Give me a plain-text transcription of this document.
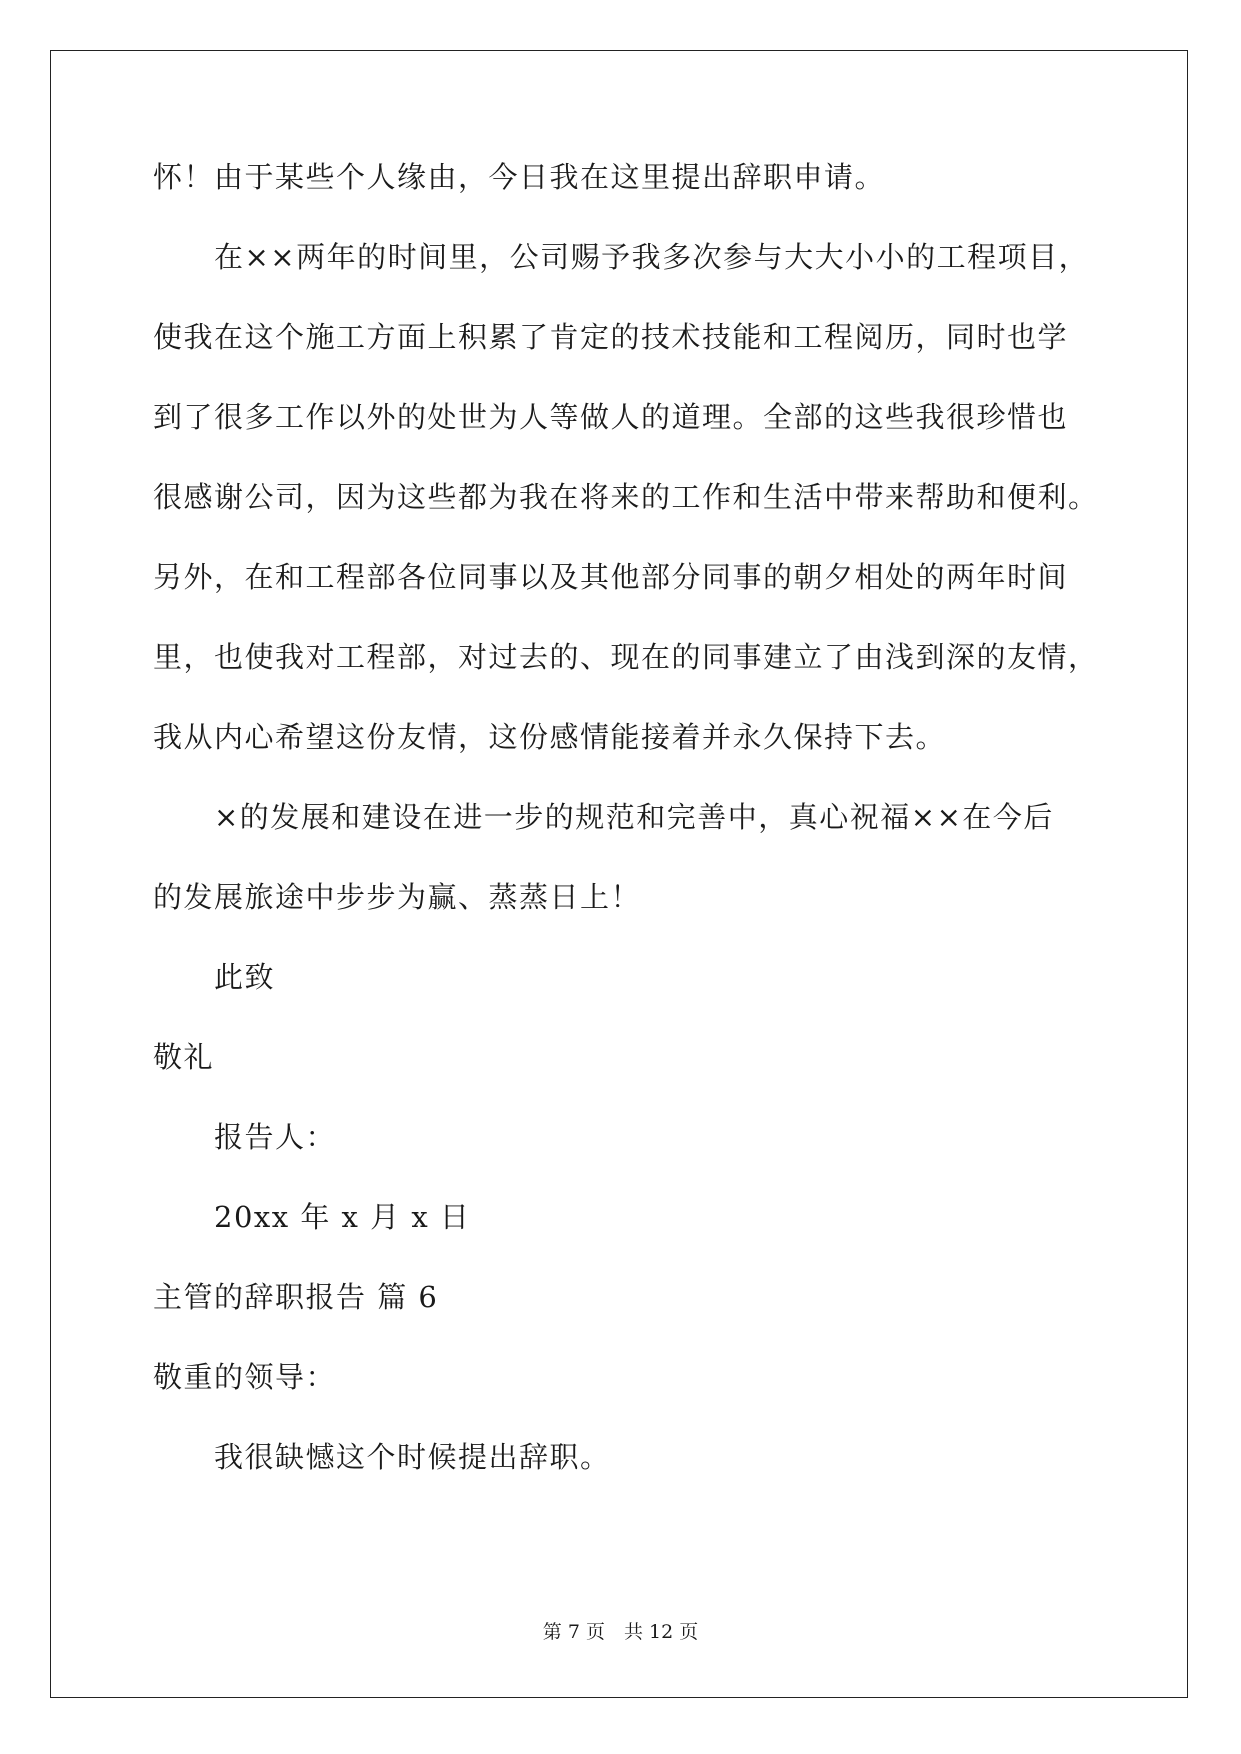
怀！由于某些个人缘由，今日我在这里提出辞职申请。
在××两年的时间里，公司赐予我多次参与大大小小的工程项目，
使我在这个施工方面上积累了肯定的技术技能和工程阅历，同时也学
到了很多工作以外的处世为人等做人的道理。全部的这些我很珍惜也
很感谢公司，因为这些都为我在将来的工作和生活中带来帮助和便利。
另外，在和工程部各位同事以及其他部分同事的朝夕相处的两年时间
里，也使我对工程部，对过去的、现在的同事建立了由浅到深的友情，
我从内心希望这份友情，这份感情能接着并永久保持下去。
×的发展和建设在进一步的规范和完善中，真心祝福××在今后
的发展旅途中步步为赢、蒸蒸日上！
此致
敬礼
报告人：
20xx 年 x 月 x 日
主管的辞职报告 篇 6
敬重的领导：
我很缺憾这个时候提出辞职。
第 7 页　共 12 页
